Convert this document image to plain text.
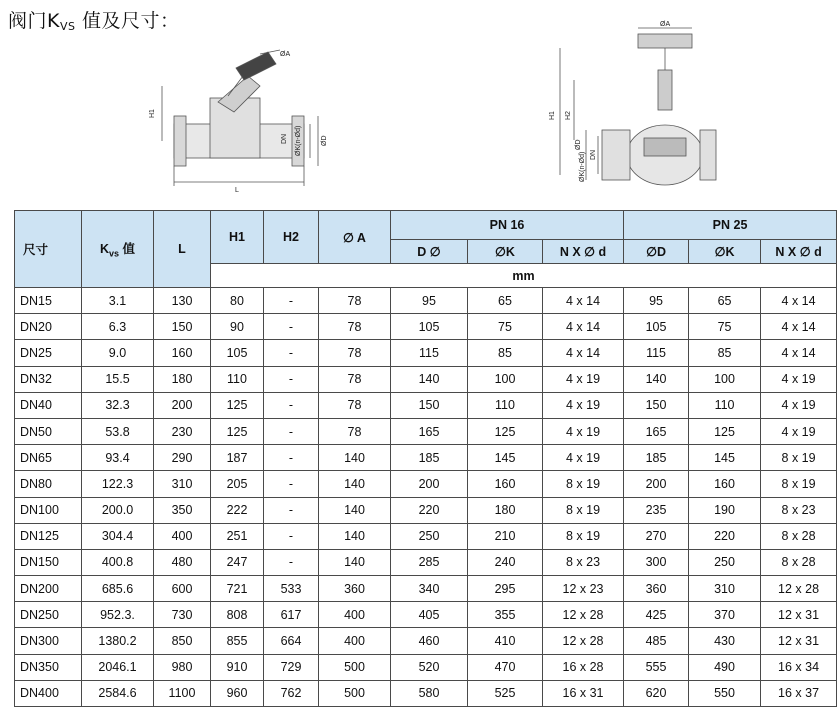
阀门$K_{VS}$ 值及尺寸：
H1
L
ØA
DN ØK(n-Ød)	ØD
ØA
H1 H2
ØK(n-Ød) DN
ØD
尺寸	$K_{vs}$ 值	L	H1	H2	∅ A	PN 16			PN 25		
						D ∅	∅K	N X ∅ d	∅D	∅K	N X ∅ d
			mm								
DN15	3.1	130	80	-	78	95	65	4 x 14	95	65	4 x 14
DN20	6.3	150	90	-	78	105	75	4 x 14	105	75	4 x 14
DN25	9.0	160	105	-	78	115	85	4 x 14	115	85	4 x 14
DN32	15.5	180	110	-	78	140	100	4 x 19	140	100	4 x 19
DN40	32.3	200	125	-	78	150	110	4 x 19	150	110	4 x 19
DN50	53.8	230	125	-	78	165	125	4 x 19	165	125	4 x 19
DN65	93.4	290	187	-	140	185	145	4 x 19	185	145	8 x 19
DN80	122.3	310	205	-	140	200	160	8 x 19	200	160	8 x 19
DN100	200.0	350	222	-	140	220	180	8 x 19	235	190	8 x 23
DN125	304.4	400	251	-	140	250	210	8 x 19	270	220	8 x 28
DN150	400.8	480	247	-	140	285	240	8 x 23	300	250	8 x 28
DN200	685.6	600	721	533	360	340	295	12 x 23	360	310	12 x 28
DN250	952.3.	730	808	617	400	405	355	12 x 28	425	370	12 x 31
DN300	1380.2	850	855	664	400	460	410	12 x 28	485	430	12 x 31
DN350	2046.1	980	910	729	500	520	470	16 x 28	555	490	16 x 34
DN400	2584.6	1100	960	762	500	580	525	16 x 31	620	550	16 x 37
